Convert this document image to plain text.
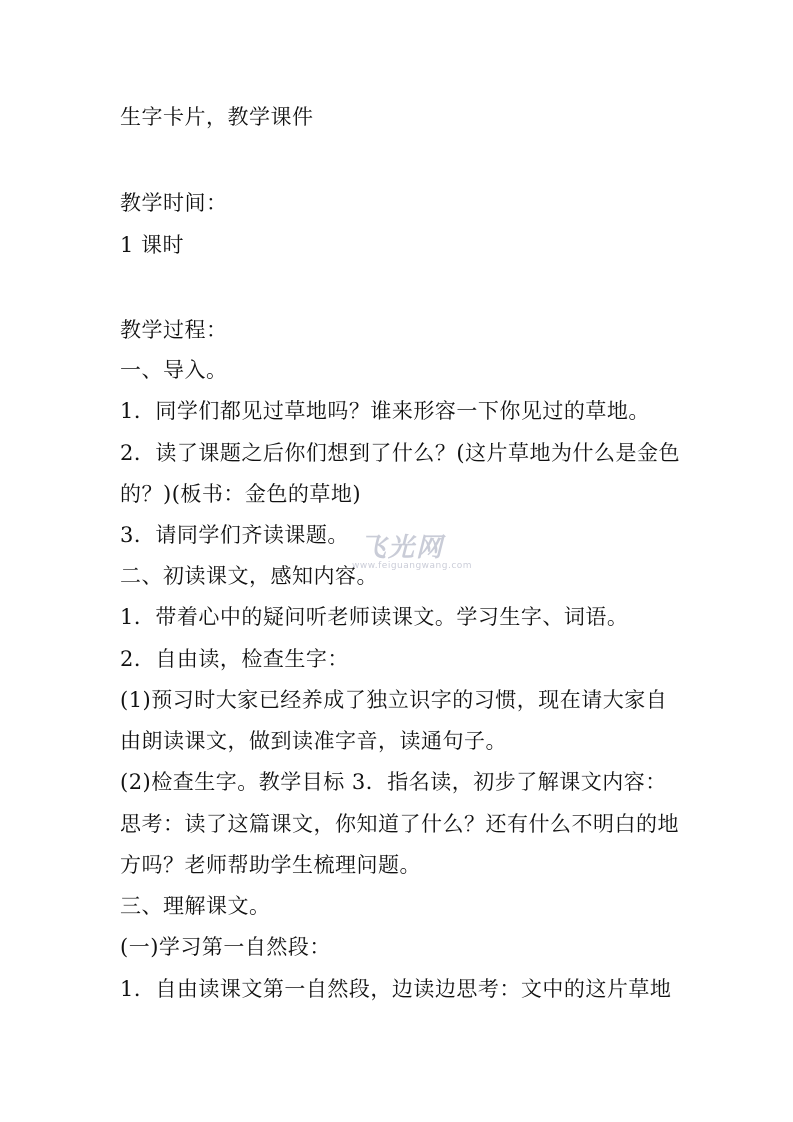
生字卡片，教学课件
教学时间：
1 课时
教学过程：
一、导入。
1．同学们都见过草地吗？谁来形容一下你见过的草地。
2．读了课题之后你们想到了什么？(这片草地为什么是金色
的？)(板书：金色的草地)
3．请同学们齐读课题。
二、初读课文，感知内容。
1．带着心中的疑问听老师读课文。学习生字、词语。
2．自由读，检查生字：
(1)预习时大家已经养成了独立识字的习惯，现在请大家自
由朗读课文，做到读准字音，读通句子。
(2)检查生字。教学目标 3．指名读，初步了解课文内容：
思考：读了这篇课文，你知道了什么？还有什么不明白的地
方吗？老师帮助学生梳理问题。
三、理解课文。
(一)学习第一自然段：
1．自由读课文第一自然段，边读边思考：文中的这片草地
飞光网
www.feiguangwang.com
